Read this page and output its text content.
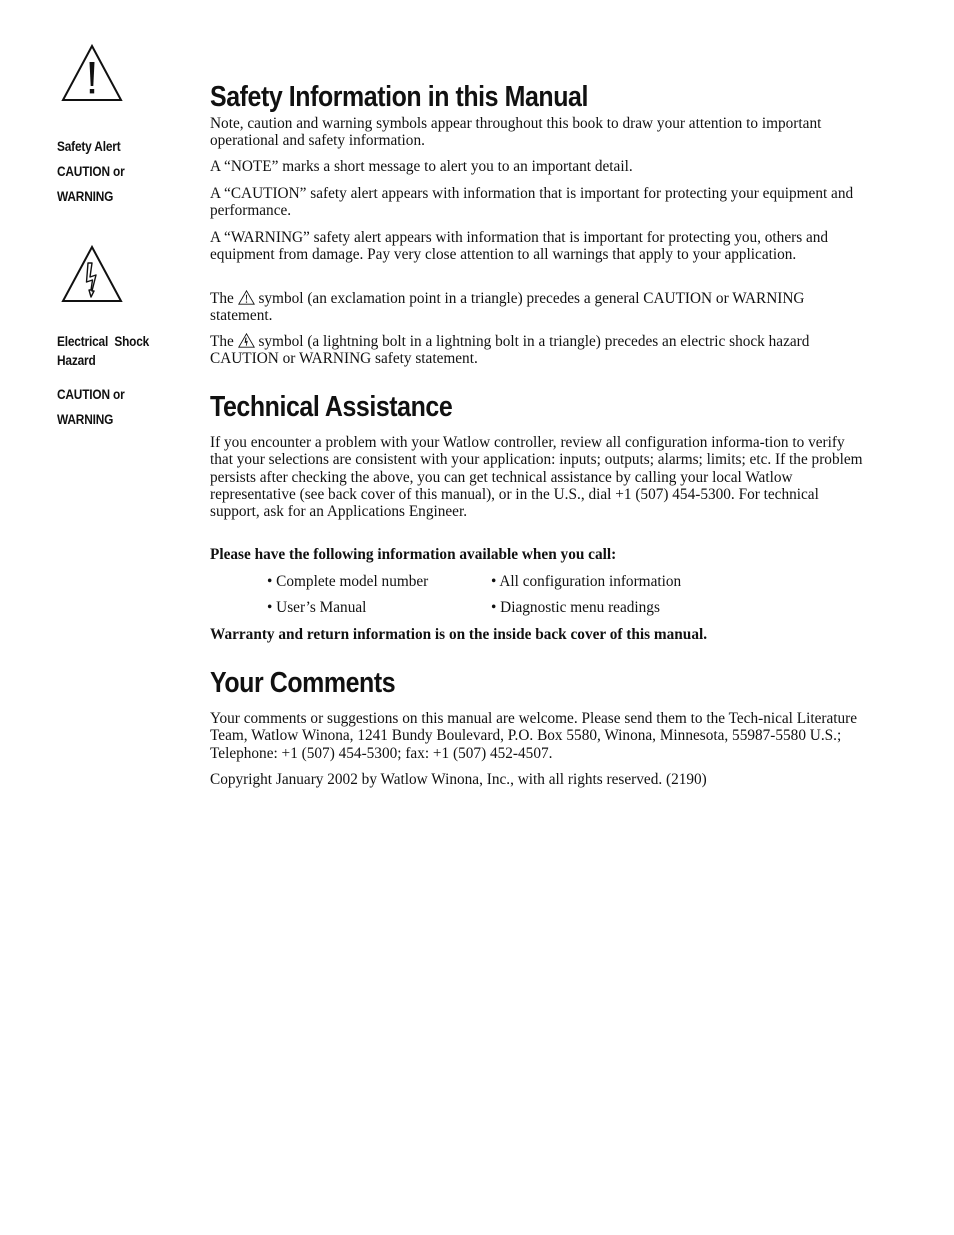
Safety Alert
CAUTION or
WARNING
Electrical  Shock
Hazard
CAUTION or
WARNING
Safety Information in this Manual

Note, caution and warning symbols appear throughout this book to draw your attention to important operational and safety information.

A “NOTE” marks a short message to alert you to an important detail.

A “CAUTION” safety alert appears with information that is important for protecting your equipment and performance.

A “WARNING” safety alert appears with information that is important for protecting you, others and equipment from damage. Pay very close attention to all warnings that apply to your application.

The symbol (an exclamation point in a triangle) precedes a general CAUTION or WARNING statement.

The symbol (a lightning bolt in a lightning bolt in a triangle) precedes an electric shock hazard CAUTION or WARNING safety statement.

Technical Assistance

If you encounter a problem with your Watlow controller, review all configuration informa-tion to verify that your selections are consistent with your application: inputs; outputs; alarms; limits; etc. If the problem persists after checking the above, you can get technical assistance by calling your local Watlow representative (see back cover of this manual), or in the U.S., dial +1 (507) 454-5300. For technical support, ask for an Applications Engineer.

Please have the following information available when you call:

• Complete model number	• All configuration information
• User’s Manual	• Diagnostic menu readings

Warranty and return information is on the inside back cover of this manual.

Your Comments

Your comments or suggestions on this manual are welcome. Please send them to the Tech-nical Literature Team, Watlow Winona, 1241 Bundy Boulevard, P.O. Box 5580, Winona, Minnesota, 55987-5580 U.S.; Telephone: +1 (507) 454-5300; fax: +1 (507) 452-4507.

Copyright January 2002 by Watlow Winona, Inc., with all rights reserved. (2190)
